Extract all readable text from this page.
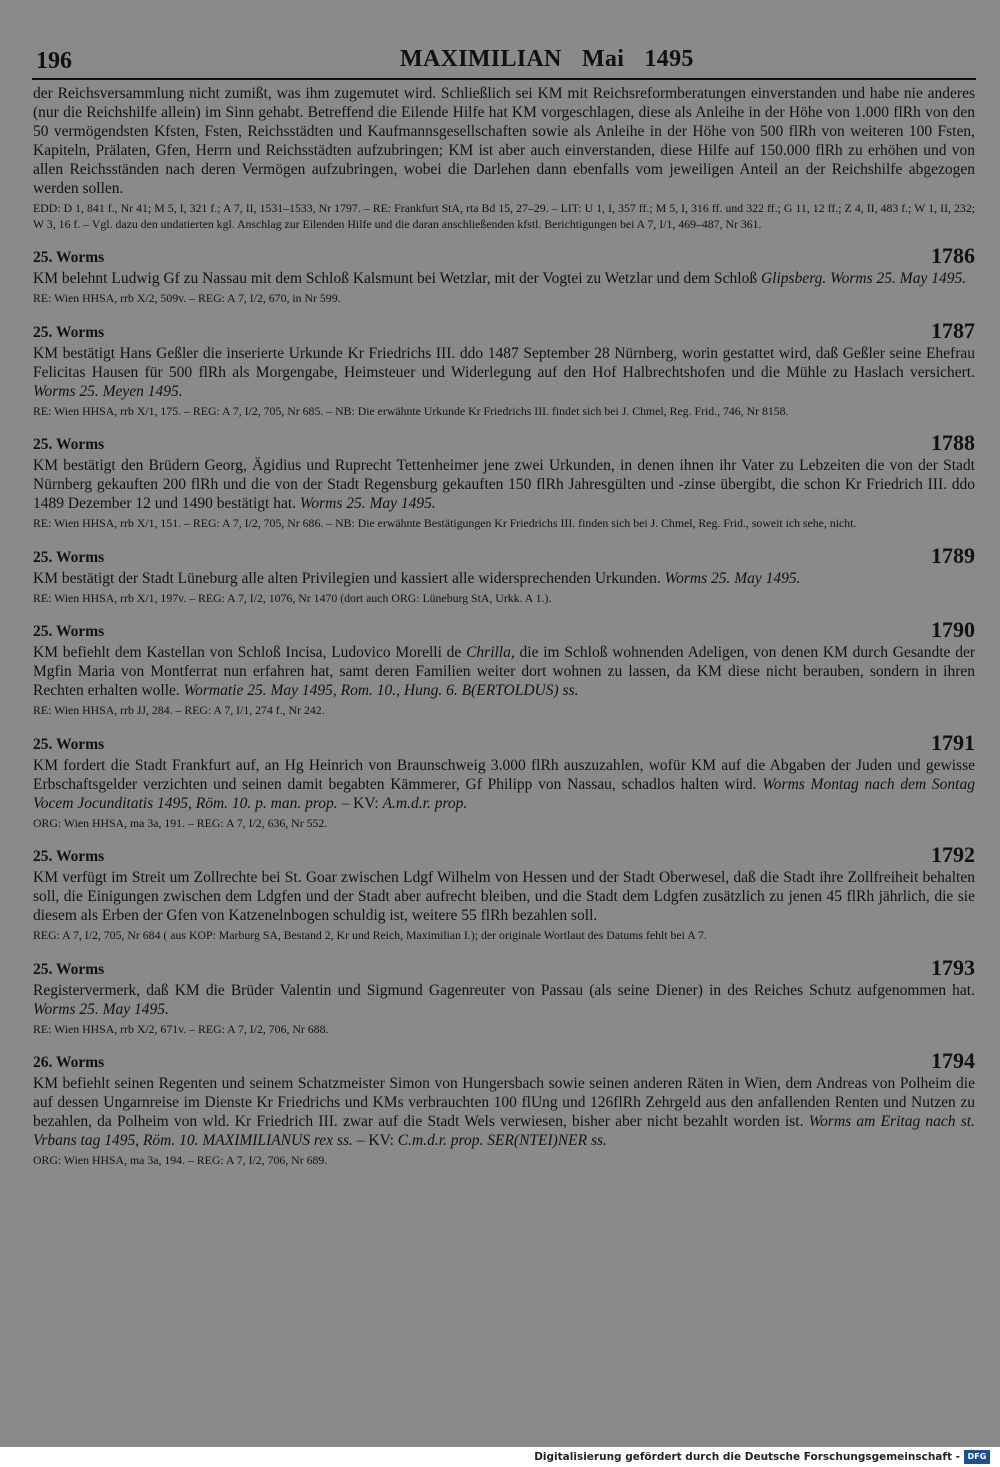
196	MAXIMILIAN Mai 1495

der Reichsversammlung nicht zumißt, was ihm zugemutet wird. Schließlich sei KM mit Reichsreformberatungen einverstanden und habe nie anderes (nur die Reichshilfe allein) im Sinn gehabt. Betreffend die Eilende Hilfe hat KM vorgeschlagen, diese als Anleihe in der Höhe von 1.000 flRh von den 50 vermögendsten Kfsten, Fsten, Reichsstädten und Kaufmannsgesellschaften sowie als Anleihe in der Höhe von 500 flRh von weiteren 100 Fsten, Kapiteln, Prälaten, Gfen, Herrn und Reichsstädten aufzubringen; KM ist aber auch einverstanden, diese Hilfe auf 150.000 flRh zu erhöhen und von allen Reichsständen nach deren Vermögen aufzubringen, wobei die Darlehen dann ebenfalls vom jeweiligen Anteil an der Reichshilfe abgezogen werden sollen.

EDD: D 1, 841 f., Nr 41; M 5, I, 321 f.; A 7, II, 1531–1533, Nr 1797. – RE: Frankfurt StA, rta Bd 15, 27–29. – LIT: U 1, I, 357 ff.; M 5, I, 316 ff. und 322 ff.; G 11, 12 ff.; Z 4, II, 483 f.; W 1, II, 232; W 3, 16 f. – Vgl. dazu den undatierten kgl. Anschlag zur Eilenden Hilfe und die daran anschließenden kfstl. Berichtigungen bei A 7, I/1, 469–487, Nr 361.

25. Worms	1786

KM belehnt Ludwig Gf zu Nassau mit dem Schloß Kalsmunt bei Wetzlar, mit der Vogtei zu Wetzlar und dem Schloß Glipsberg. Worms 25. May 1495.

RE: Wien HHSA, rrb X/2, 509v. – REG: A 7, I/2, 670, in Nr 599.

25. Worms	1787

KM bestätigt Hans Geßler die inserierte Urkunde Kr Friedrichs III. ddo 1487 September 28 Nürnberg, worin gestattet wird, daß Geßler seine Ehefrau Felicitas Hausen für 500 flRh als Morgengabe, Heimsteuer und Widerlegung auf den Hof Halbrechtshofen und die Mühle zu Haslach versichert. Worms 25. Meyen 1495.

RE: Wien HHSA, rrb X/1, 175. – REG: A 7, I/2, 705, Nr 685. – NB: Die erwähnte Urkunde Kr Friedrichs III. findet sich bei J. Chmel, Reg. Frid., 746, Nr 8158.

25. Worms	1788

KM bestätigt den Brüdern Georg, Ägidius und Ruprecht Tettenheimer jene zwei Urkunden, in denen ihnen ihr Vater zu Lebzeiten die von der Stadt Nürnberg gekauften 200 flRh und die von der Stadt Regensburg gekauften 150 flRh Jahresgülten und -zinse übergibt, die schon Kr Friedrich III. ddo 1489 Dezember 12 und 1490 bestätigt hat. Worms 25. May 1495.

RE: Wien HHSA, rrb X/1, 151. – REG: A 7, I/2, 705, Nr 686. – NB: Die erwähnte Bestätigungen Kr Friedrichs III. finden sich bei J. Chmel, Reg. Frid., soweit ich sehe, nicht.

25. Worms	1789

KM bestätigt der Stadt Lüneburg alle alten Privilegien und kassiert alle widersprechenden Urkunden. Worms 25. May 1495.

RE: Wien HHSA, rrb X/1, 197v. – REG: A 7, I/2, 1076, Nr 1470 (dort auch ORG: Lüneburg StA, Urkk. A 1.).

25. Worms	1790

KM befiehlt dem Kastellan von Schloß Incisa, Ludovico Morelli de Chrilla, die im Schloß wohnenden Adeligen, von denen KM durch Gesandte der Mgfin Maria von Montferrat nun erfahren hat, samt deren Familien weiter dort wohnen zu lassen, da KM diese nicht berauben, sondern in ihren Rechten erhalten wolle. Wormatie 25. May 1495, Rom. 10., Hung. 6. B(ERTOLDUS) ss.

RE: Wien HHSA, rrb JJ, 284. – REG: A 7, I/1, 274 f., Nr 242.

25. Worms	1791

KM fordert die Stadt Frankfurt auf, an Hg Heinrich von Braunschweig 3.000 flRh auszuzahlen, wofür KM auf die Abgaben der Juden und gewisse Erbschaftsgelder verzichten und seinen damit begabten Kämmerer, Gf Philipp von Nassau, schadlos halten wird. Worms Montag nach dem Sontag Vocem Jocunditatis 1495, Röm. 10. p. man. prop. – KV: A.m.d.r. prop.

ORG: Wien HHSA, ma 3a, 191. – REG: A 7, I/2, 636, Nr 552.

25. Worms	1792

KM verfügt im Streit um Zollrechte bei St. Goar zwischen Ldgf Wilhelm von Hessen und der Stadt Oberwesel, daß die Stadt ihre Zollfreiheit behalten soll, die Einigungen zwischen dem Ldgfen und der Stadt aber aufrecht bleiben, und die Stadt dem Ldgfen zusätzlich zu jenen 45 flRh jährlich, die sie diesem als Erben der Gfen von Katzenelnbogen schuldig ist, weitere 55 flRh bezahlen soll.

REG: A 7, I/2, 705, Nr 684 ( aus KOP: Marburg SA, Bestand 2, Kr und Reich, Maximilian I.); der originale Wortlaut des Datums fehlt bei A 7.

25. Worms	1793

Registervermerk, daß KM die Brüder Valentin und Sigmund Gagenreuter von Passau (als seine Diener) in des Reiches Schutz aufgenommen hat. Worms 25. May 1495.

RE: Wien HHSA, rrb X/2, 671v. – REG: A 7, I/2, 706, Nr 688.

26. Worms	1794

KM befiehlt seinen Regenten und seinem Schatzmeister Simon von Hungersbach sowie seinen anderen Räten in Wien, dem Andreas von Polheim die auf dessen Ungarnreise im Dienste Kr Friedrichs und KMs verbrauchten 100 flUng und 126flRh Zehrgeld aus den anfallenden Renten und Nutzen zu bezahlen, da Polheim von wld. Kr Friedrich III. zwar auf die Stadt Wels verwiesen, bisher aber nicht bezahlt worden ist. Worms am Eritag nach st. Vrbans tag 1495, Röm. 10. MAXIMILIANUS rex ss. – KV: C.m.d.r. prop. SER(NTEI)NER ss.

ORG: Wien HHSA, ma 3a, 194. – REG: A 7, I/2, 706, Nr 689.

Digitalisierung gefördert durch die Deutsche Forschungsgemeinschaft - DFG
